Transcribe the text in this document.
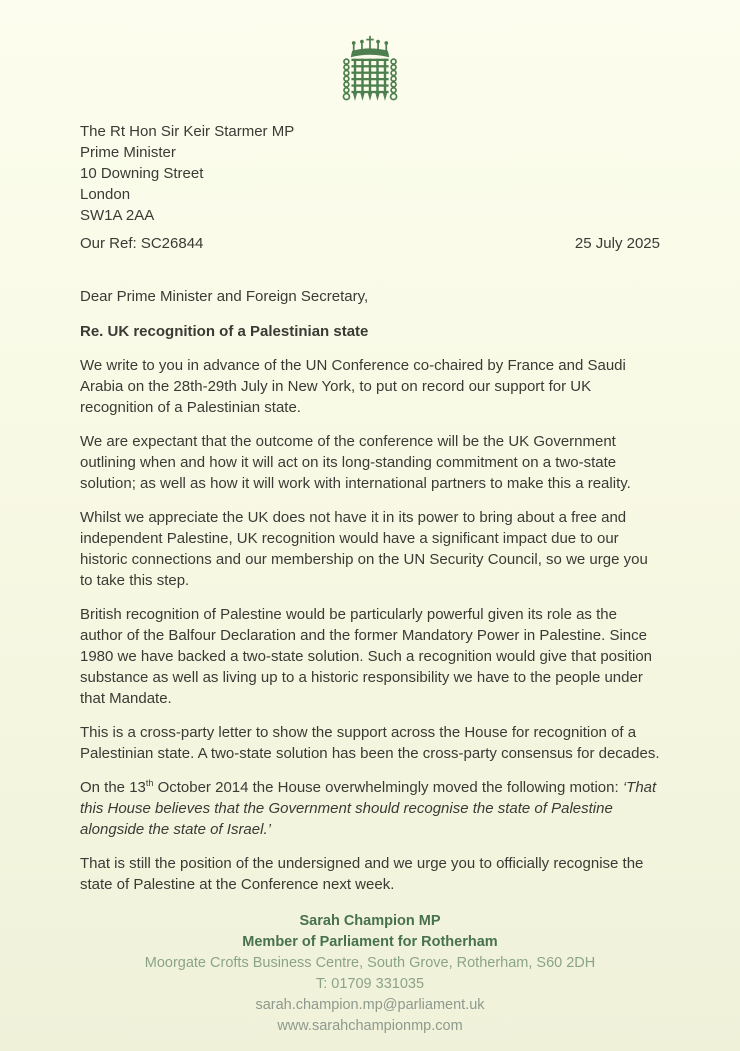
The Rt Hon Sir Keir Starmer MP
Prime Minister
10 Downing Street
London
SW1A 2AA
Our Ref: SC26844	25 July 2025

Dear Prime Minister and Foreign Secretary,

Re. UK recognition of a Palestinian state

We write to you in advance of the UN Conference co-chaired by France and Saudi Arabia on the 28th-29th July in New York, to put on record our support for UK recognition of a Palestinian state.

We are expectant that the outcome of the conference will be the UK Government outlining when and how it will act on its long-standing commitment on a two-state solution; as well as how it will work with international partners to make this a reality.

Whilst we appreciate the UK does not have it in its power to bring about a free and independent Palestine, UK recognition would have a significant impact due to our historic connections and our membership on the UN Security Council, so we urge you to take this step.

British recognition of Palestine would be particularly powerful given its role as the author of the Balfour Declaration and the former Mandatory Power in Palestine. Since 1980 we have backed a two-state solution. Such a recognition would give that position substance as well as living up to a historic responsibility we have to the people under that Mandate.

This is a cross-party letter to show the support across the House for recognition of a Palestinian state. A two-state solution has been the cross-party consensus for decades.

On the 13th October 2014 the House overwhelmingly moved the following motion: ‘That this House believes that the Government should recognise the state of Palestine alongside the state of Israel.’

That is still the position of the undersigned and we urge you to officially recognise the state of Palestine at the Conference next week.

Sarah Champion MP
Member of Parliament for Rotherham
Moorgate Crofts Business Centre, South Grove, Rotherham, S60 2DH
T: 01709 331035
sarah.champion.mp@parliament.uk
www.sarahchampionmp.com
